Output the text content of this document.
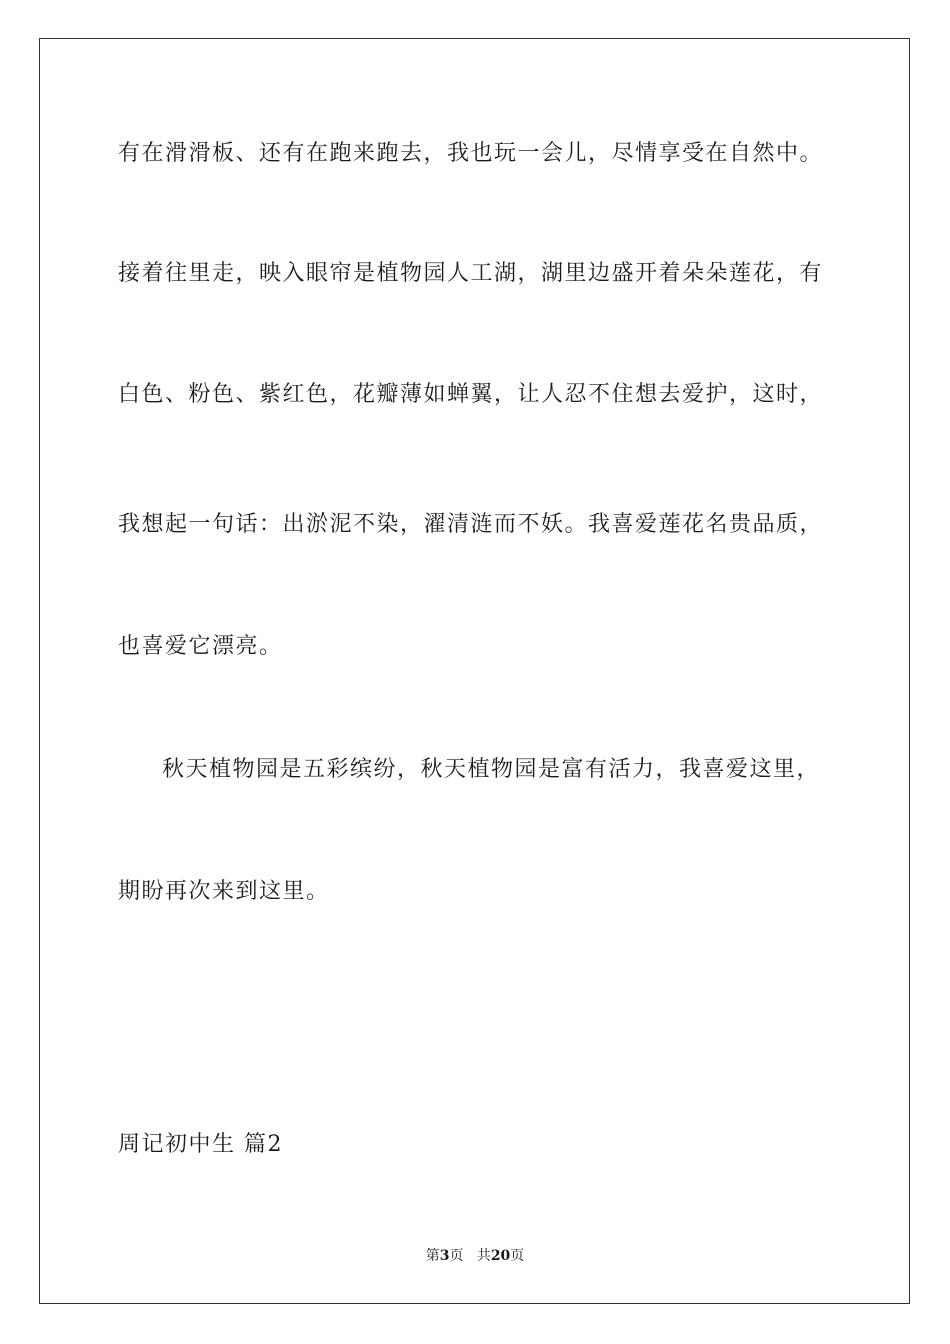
有在滑滑板、还有在跑来跑去，我也玩一会儿，尽情享受在自然中。
接着往里走，映入眼帘是植物园人工湖，湖里边盛开着朵朵莲花，有
白色、粉色、紫红色，花瓣薄如蝉翼，让人忍不住想去爱护，这时，
我想起一句话：出淤泥不染，濯清涟而不妖。我喜爱莲花名贵品质，
也喜爱它漂亮。
秋天植物园是五彩缤纷，秋天植物园是富有活力，我喜爱这里，
期盼再次来到这里。
周记初中生 篇2
第3页 共20页
